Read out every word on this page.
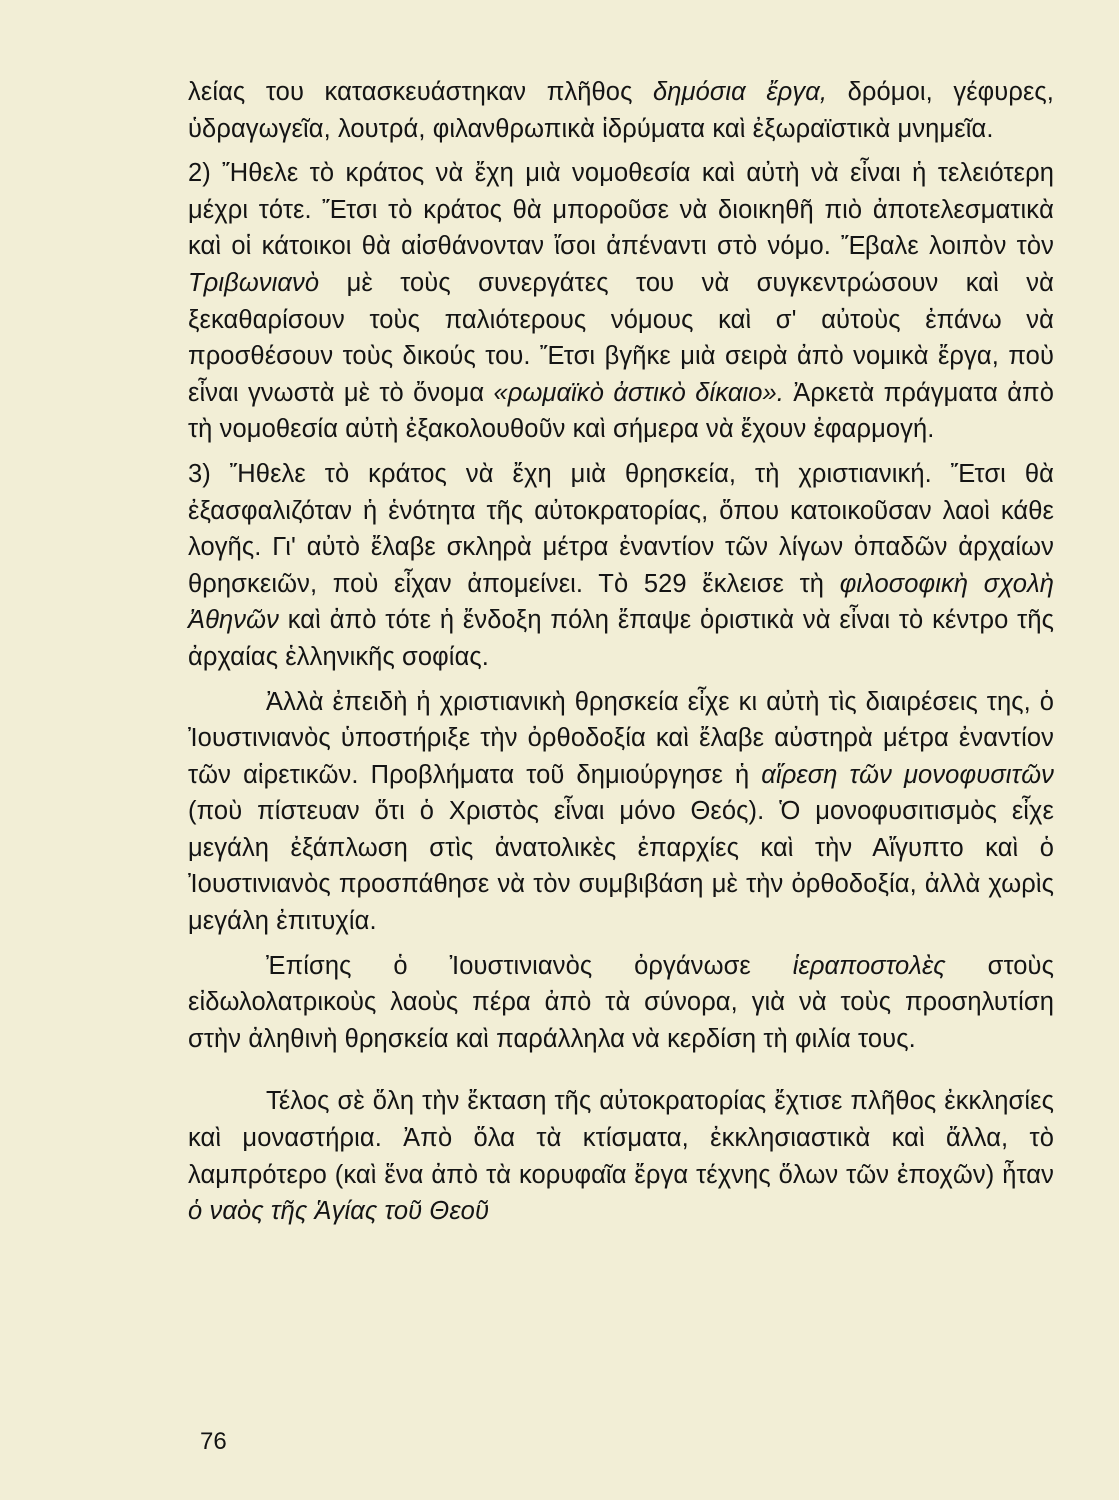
λείας του κατασκευάστηκαν πλῆθος δημόσια ἔργα, δρόμοι, γέφυρες, ὑδραγωγεῖα, λουτρά, φιλανθρωπικὰ ἱδρύματα καὶ ἐξωραϊστικὰ μνημεῖα.

2) Ἤθελε τὸ κράτος νὰ ἔχη μιὰ νομοθεσία καὶ αὐτὴ νὰ εἶναι ἡ τελειότερη μέχρι τότε. Ἔτσι τὸ κράτος θὰ μποροῦσε νὰ διοικηθῆ πιὸ ἀποτελεσματικὰ καὶ οἱ κάτοικοι θὰ αἰσθάνονταν ἴσοι ἀπέναντι στὸ νόμο. Ἔβαλε λοιπὸν τὸν Τριβωνιανὸ μὲ τοὺς συνεργάτες του νὰ συγκεντρώσουν καὶ νὰ ξεκαθαρίσουν τοὺς παλιότερους νόμους καὶ σ' αὐτοὺς ἐπάνω νὰ προσθέσουν τοὺς δικούς του. Ἔτσι βγῆκε μιὰ σειρὰ ἀπὸ νομικὰ ἔργα, ποὺ εἶναι γνωστὰ μὲ τὸ ὄνομα «ρωμαϊκὸ ἀστικὸ δίκαιο». Ἀρκετὰ πράγματα ἀπὸ τὴ νομοθεσία αὐτὴ ἐξακολουθοῦν καὶ σήμερα νὰ ἔχουν ἐφαρμογή.

3) Ἤθελε τὸ κράτος νὰ ἔχη μιὰ θρησκεία, τὴ χριστιανική. Ἔτσι θὰ ἐξασφαλιζόταν ἡ ἑνότητα τῆς αὐτοκρατορίας, ὅπου κατοικοῦσαν λαοὶ κάθε λογῆς. Γι' αὐτὸ ἔλαβε σκληρὰ μέτρα ἐναντίον τῶν λίγων ὀπαδῶν ἀρχαίων θρησκειῶν, ποὺ εἶχαν ἀπομείνει. Τὸ 529 ἔκλεισε τὴ φιλοσοφικὴ σχολὴ Ἀθηνῶν καὶ ἀπὸ τότε ἡ ἔνδοξη πόλη ἔπαψε ὁριστικὰ νὰ εἶναι τὸ κέντρο τῆς ἀρχαίας ἑλληνικῆς σοφίας.

Ἀλλὰ ἐπειδὴ ἡ χριστιανικὴ θρησκεία εἶχε κι αὐτὴ τὶς διαιρέσεις της, ὁ Ἰουστινιανὸς ὑποστήριξε τὴν ὀρθοδοξία καὶ ἔλαβε αὐστηρὰ μέτρα ἐναντίον τῶν αἱρετικῶν. Προβλήματα τοῦ δημιούργησε ἡ αἵρεση τῶν μονοφυσιτῶν (ποὺ πίστευαν ὅτι ὁ Χριστὸς εἶναι μόνο Θεός). Ὁ μονοφυσιτισμὸς εἶχε μεγάλη ἐξάπλωση στὶς ἀνατολικὲς ἐπαρχίες καὶ τὴν Αἴγυπτο καὶ ὁ Ἰουστινιανὸς προσπάθησε νὰ τὸν συμβιβάση μὲ τὴν ὀρθοδοξία, ἀλλὰ χωρὶς μεγάλη ἐπιτυχία.

Ἐπίσης ὁ Ἰουστινιανὸς ὀργάνωσε ἱεραποστολὲς στοὺς εἰδωλολατρικοὺς λαοὺς πέρα ἀπὸ τὰ σύνορα, γιὰ νὰ τοὺς προσηλυτίση στὴν ἀληθινὴ θρησκεία καὶ παράλληλα νὰ κερδίση τὴ φιλία τους.

Τέλος σὲ ὅλη τὴν ἔκταση τῆς αὐτοκρατορίας ἔχτισε πλῆθος ἐκκλησίες καὶ μοναστήρια. Ἀπὸ ὅλα τὰ κτίσματα, ἐκκλησιαστικὰ καὶ ἄλλα, τὸ λαμπρότερο (καὶ ἕνα ἀπὸ τὰ κορυφαῖα ἔργα τέχνης ὅλων τῶν ἐποχῶν) ἦταν ὁ ναὸς τῆς Ἁγίας τοῦ Θεοῦ

76
